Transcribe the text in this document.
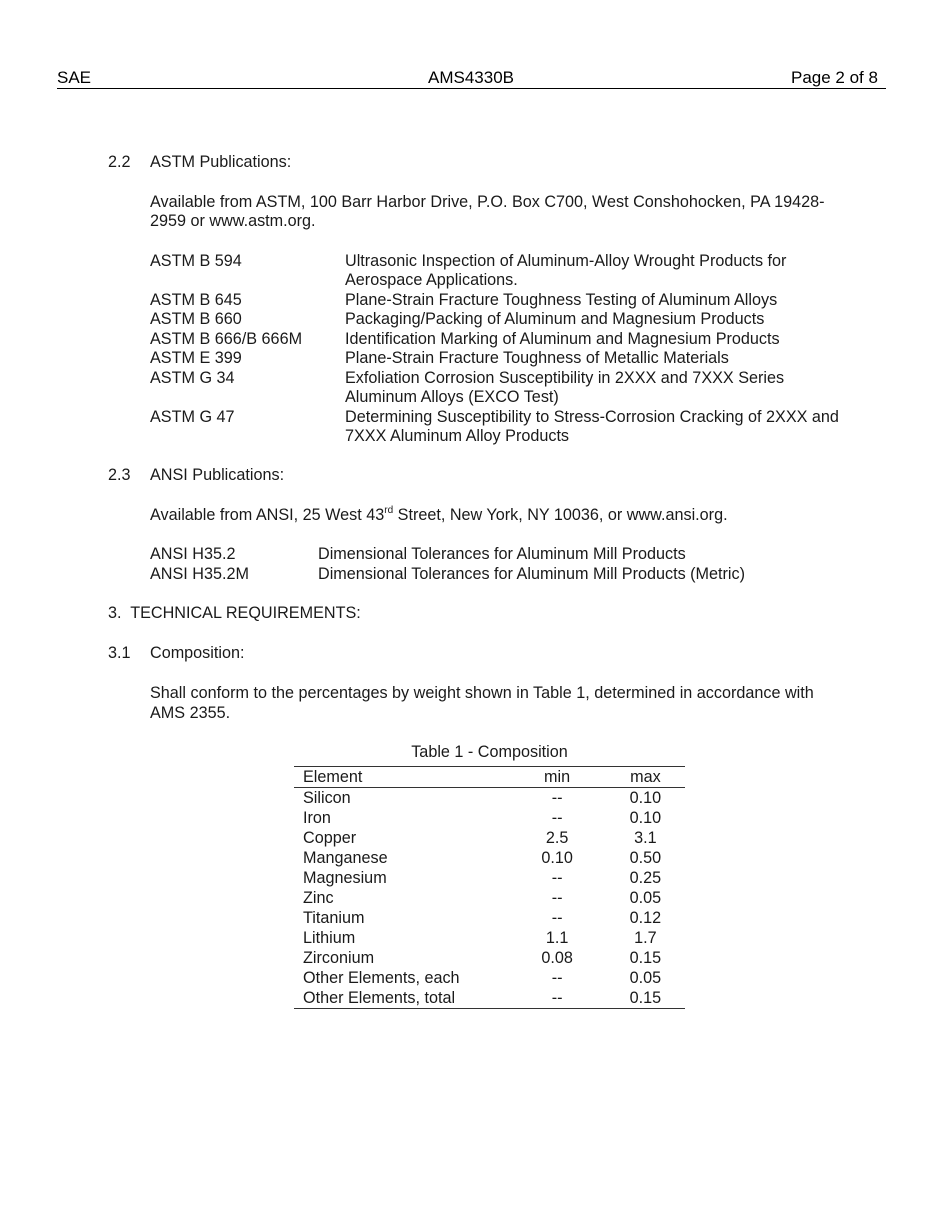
SAE	AMS4330B	Page 2 of 8
2.2 ASTM Publications:
Available from ASTM, 100 Barr Harbor Drive, P.O. Box C700, West Conshohocken, PA 19428-
2959 or www.astm.org.
ASTM B 594	Ultrasonic Inspection of Aluminum-Alloy Wrought Products for
Aerospace Applications.
ASTM B 645	Plane-Strain Fracture Toughness Testing of Aluminum Alloys
ASTM B 660	Packaging/Packing of Aluminum and Magnesium Products
ASTM B 666/B 666M	Identification Marking of Aluminum and Magnesium Products
ASTM E 399	Plane-Strain Fracture Toughness of Metallic Materials
ASTM G 34	Exfoliation Corrosion Susceptibility in 2XXX and 7XXX Series
Aluminum Alloys (EXCO Test)
ASTM G 47	Determining Susceptibility to Stress-Corrosion Cracking of 2XXX and
7XXX Aluminum Alloy Products
2.3 ANSI Publications:
Available from ANSI, 25 West 43rd Street, New York, NY 10036, or www.ansi.org.
ANSI H35.2	Dimensional Tolerances for Aluminum Mill Products
ANSI H35.2M	Dimensional Tolerances for Aluminum Mill Products (Metric)
3.  TECHNICAL REQUIREMENTS:
3.1 Composition:
Shall conform to the percentages by weight shown in Table 1, determined in accordance with
AMS 2355.
Table 1 - Composition
Element	min	max
Silicon	--	0.10
Iron	--	0.10
Copper	2.5	3.1
Manganese	0.10	0.50
Magnesium	--	0.25
Zinc	--	0.05
Titanium	--	0.12
Lithium	1.1	1.7
Zirconium	0.08	0.15
Other Elements, each	--	0.05
Other Elements, total	--	0.15
